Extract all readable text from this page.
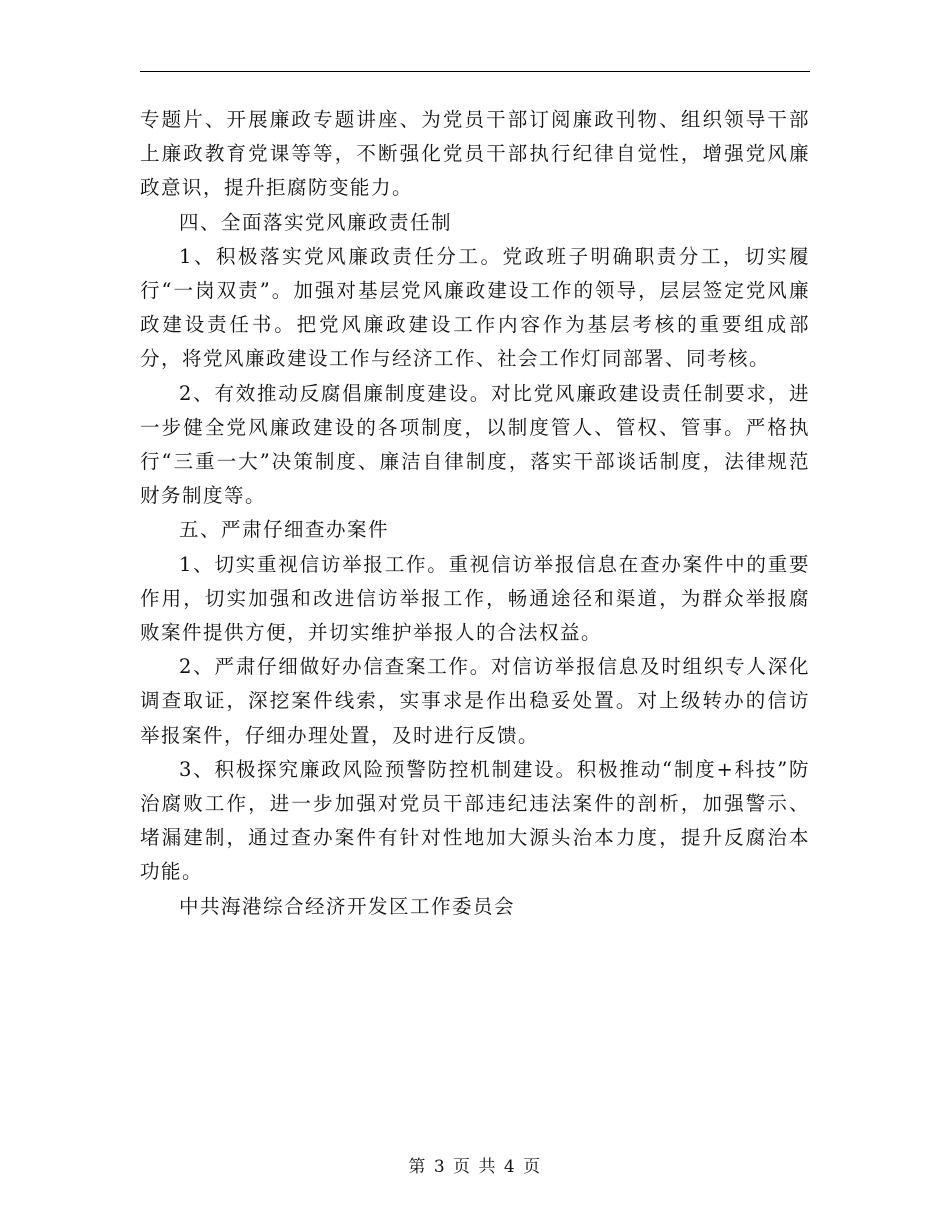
专题片、开展廉政专题讲座、为党员干部订阅廉政刊物、组织领导干部上廉政教育党课等等，不断强化党员干部执行纪律自觉性，增强党风廉政意识，提升拒腐防变能力。

四、全面落实党风廉政责任制

1、积极落实党风廉政责任分工。党政班子明确职责分工，切实履行“一岗双责”。加强对基层党风廉政建设工作的领导，层层签定党风廉政建设责任书。把党风廉政建设工作内容作为基层考核的重要组成部分，将党风廉政建设工作与经济工作、社会工作灯同部署、同考核。

2、有效推动反腐倡廉制度建设。对比党风廉政建设责任制要求，进一步健全党风廉政建设的各项制度，以制度管人、管权、管事。严格执行“三重一大”决策制度、廉洁自律制度，落实干部谈话制度，法律规范财务制度等。

五、严肃仔细查办案件

1、切实重视信访举报工作。重视信访举报信息在查办案件中的重要作用，切实加强和改进信访举报工作，畅通途径和渠道，为群众举报腐败案件提供方便，并切实维护举报人的合法权益。

2、严肃仔细做好办信查案工作。对信访举报信息及时组织专人深化调查取证，深挖案件线索，实事求是作出稳妥处置。对上级转办的信访举报案件，仔细办理处置，及时进行反馈。

3、积极探究廉政风险预警防控机制建设。积极推动“制度+科技”防治腐败工作，进一步加强对党员干部违纪违法案件的剖析，加强警示、堵漏建制，通过查办案件有针对性地加大源头治本力度，提升反腐治本功能。

中共海港综合经济开发区工作委员会

第 3 页 共 4 页
